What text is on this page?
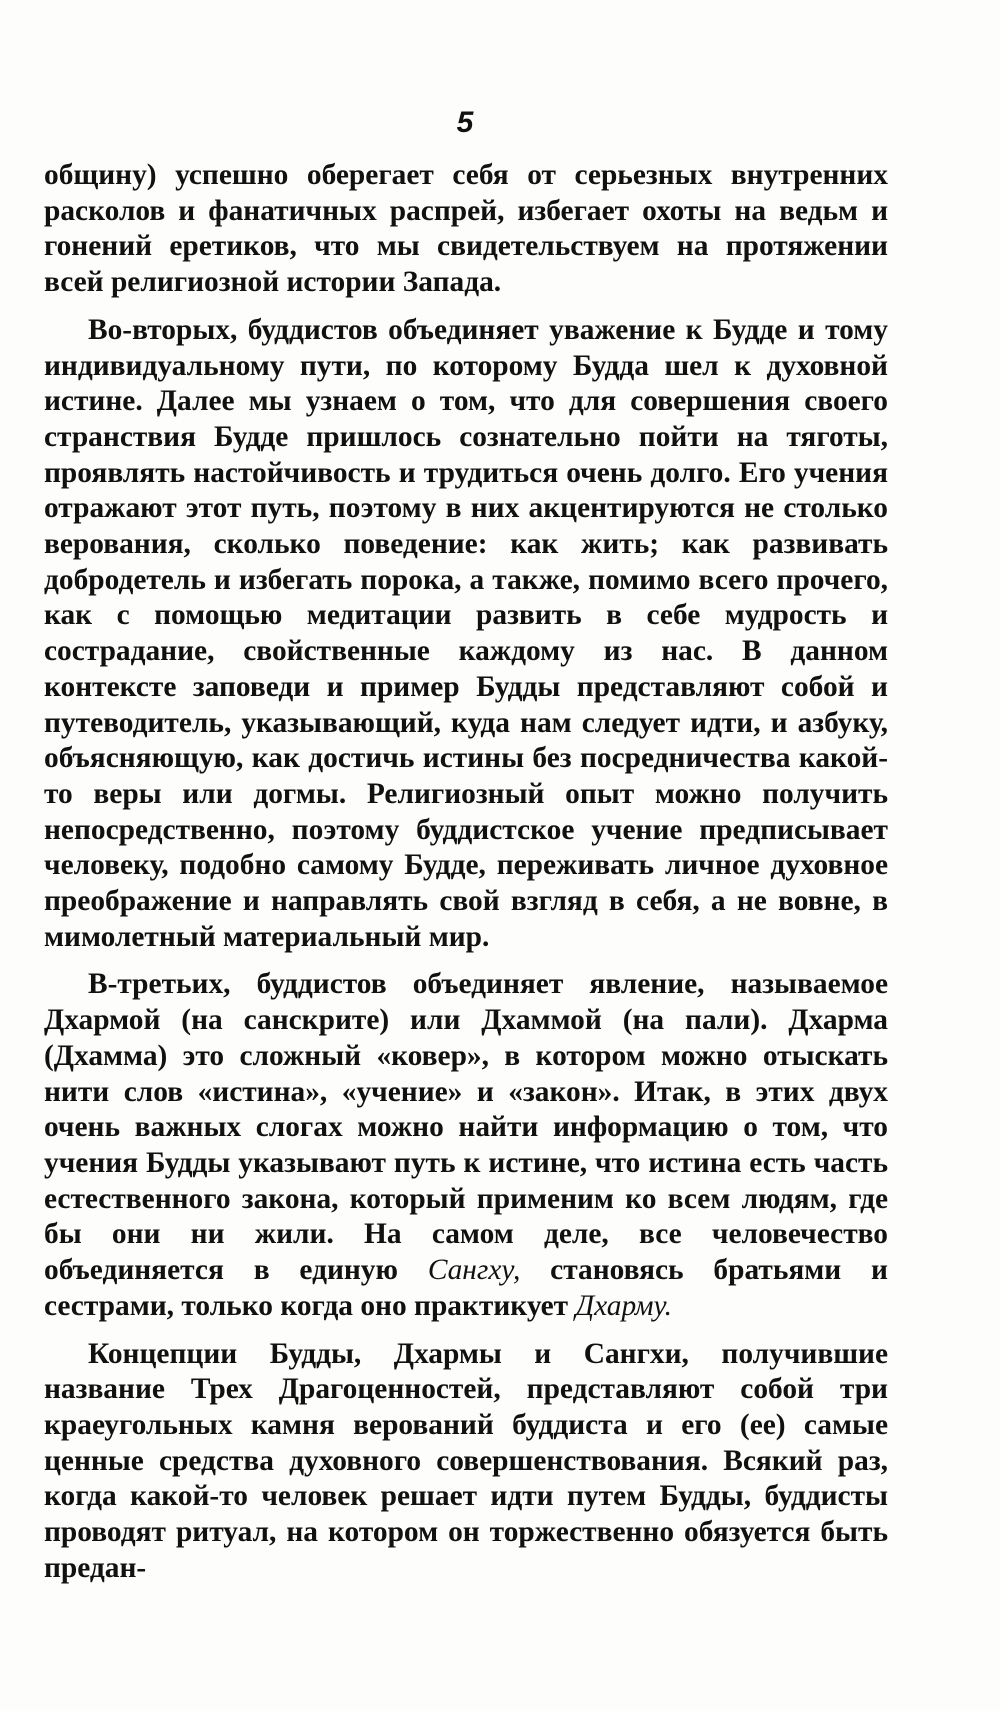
5

общину) успешно оберегает себя от серьезных внутренних расколов и фанатичных распрей, избегает охоты на ведьм и гонений еретиков, что мы свидетельствуем на протяжении всей религиозной истории Запада.

Во-вторых, буддистов объединяет уважение к Будде и тому индивидуальному пути, по которому Будда шел к духовной истине. Далее мы узнаем о том, что для совершения своего странствия Будде пришлось сознательно пойти на тяготы, проявлять настойчивость и трудиться очень долго. Его учения отражают этот путь, поэтому в них акцентируются не столько верования, сколько поведение: как жить; как развивать добродетель и избегать порока, а также, помимо всего прочего, как с помощью медитации развить в себе мудрость и сострадание, свойственные каждому из нас. В данном контексте заповеди и пример Будды представляют собой и путеводитель, указывающий, куда нам следует идти, и азбуку, объясняющую, как достичь истины без посредничества какой-то веры или догмы. Религиозный опыт можно получить непосредственно, поэтому буддистское учение предписывает человеку, подобно самому Будде, переживать личное духовное преображение и направлять свой взгляд в себя, а не вовне, в мимолетный материальный мир.

В-третьих, буддистов объединяет явление, называемое Дхармой (на санскрите) или Дхаммой (на пали). Дхарма (Дхамма) это сложный «ковер», в котором можно отыскать нити слов «истина», «учение» и «закон». Итак, в этих двух очень важных слогах можно найти информацию о том, что учения Будды указывают путь к истине, что истина есть часть естественного закона, который применим ко всем людям, где бы они ни жили. На самом деле, все человечество объединяется в единую Сангху, становясь братьями и сестрами, только когда оно практикует Дхарму.

Концепции Будды, Дхармы и Сангхи, получившие название Трех Драгоценностей, представляют собой три краеугольных камня верований буддиста и его (ее) самые ценные средства духовного совершенствования. Всякий раз, когда какой-то человек решает идти путем Будды, буддисты проводят ритуал, на котором он торжественно обязуется быть предан-
